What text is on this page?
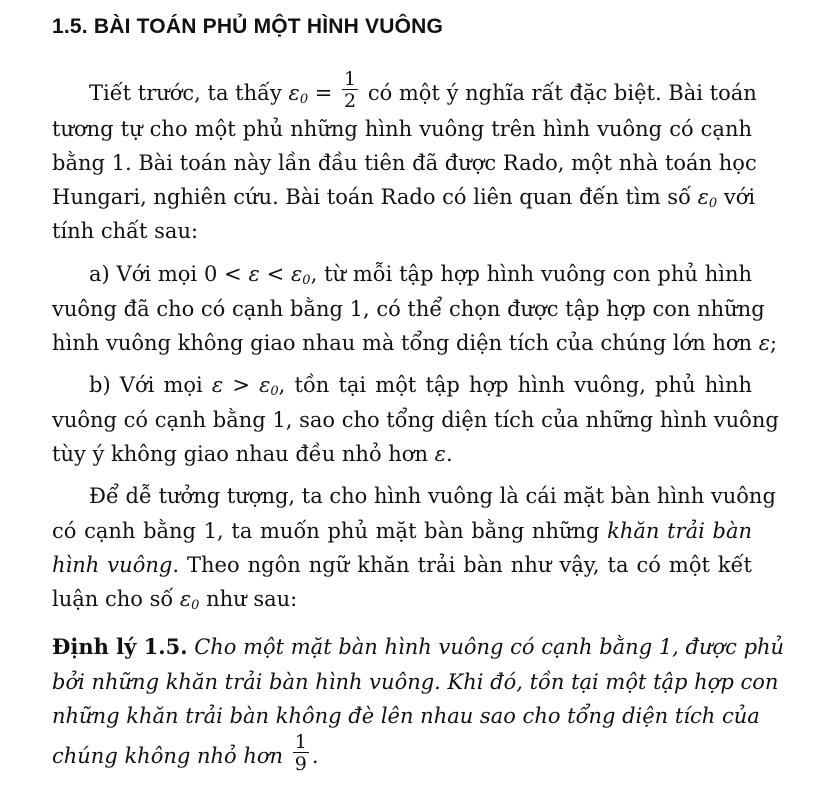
1.5. BÀI TOÁN PHỦ MỘT HÌNH VUÔNG
Tiết trước, ta thấy $\varepsilon_0 = \frac{1}{2}$ có một ý nghĩa rất đặc biệt. Bài toán
tương tự cho một phủ những hình vuông trên hình vuông có cạnh
bằng 1. Bài toán này lần đầu tiên đã được Rado, một nhà toán học
Hungari, nghiên cứu. Bài toán Rado có liên quan đến tìm số $\varepsilon_0$ với
tính chất sau:
a) Với mọi $0 < \varepsilon < \varepsilon_0$, từ mỗi tập hợp hình vuông con phủ hình
vuông đã cho có cạnh bằng 1, có thể chọn được tập hợp con những
hình vuông không giao nhau mà tổng diện tích của chúng lớn hơn ε;
b) Với mọi $\varepsilon > \varepsilon_0$, tồn tại một tập hợp hình vuông, phủ hình
vuông có cạnh bằng 1, sao cho tổng diện tích của những hình vuông
tùy ý không giao nhau đều nhỏ hơn ε.
Để dễ tưởng tượng, ta cho hình vuông là cái mặt bàn hình vuông
có cạnh bằng 1, ta muốn phủ mặt bàn bằng những khăn trải bàn
hình vuông. Theo ngôn ngữ khăn trải bàn như vậy, ta có một kết
luận cho số $\varepsilon_0$ như sau:
Định lý 1.5. Cho một mặt bàn hình vuông có cạnh bằng 1, được phủ
bởi những khăn trải bàn hình vuông. Khi đó, tồn tại một tập hợp con
những khăn trải bàn không đè lên nhau sao cho tổng diện tích của
chúng không nhỏ hơn $\frac{1}{9}$ .
